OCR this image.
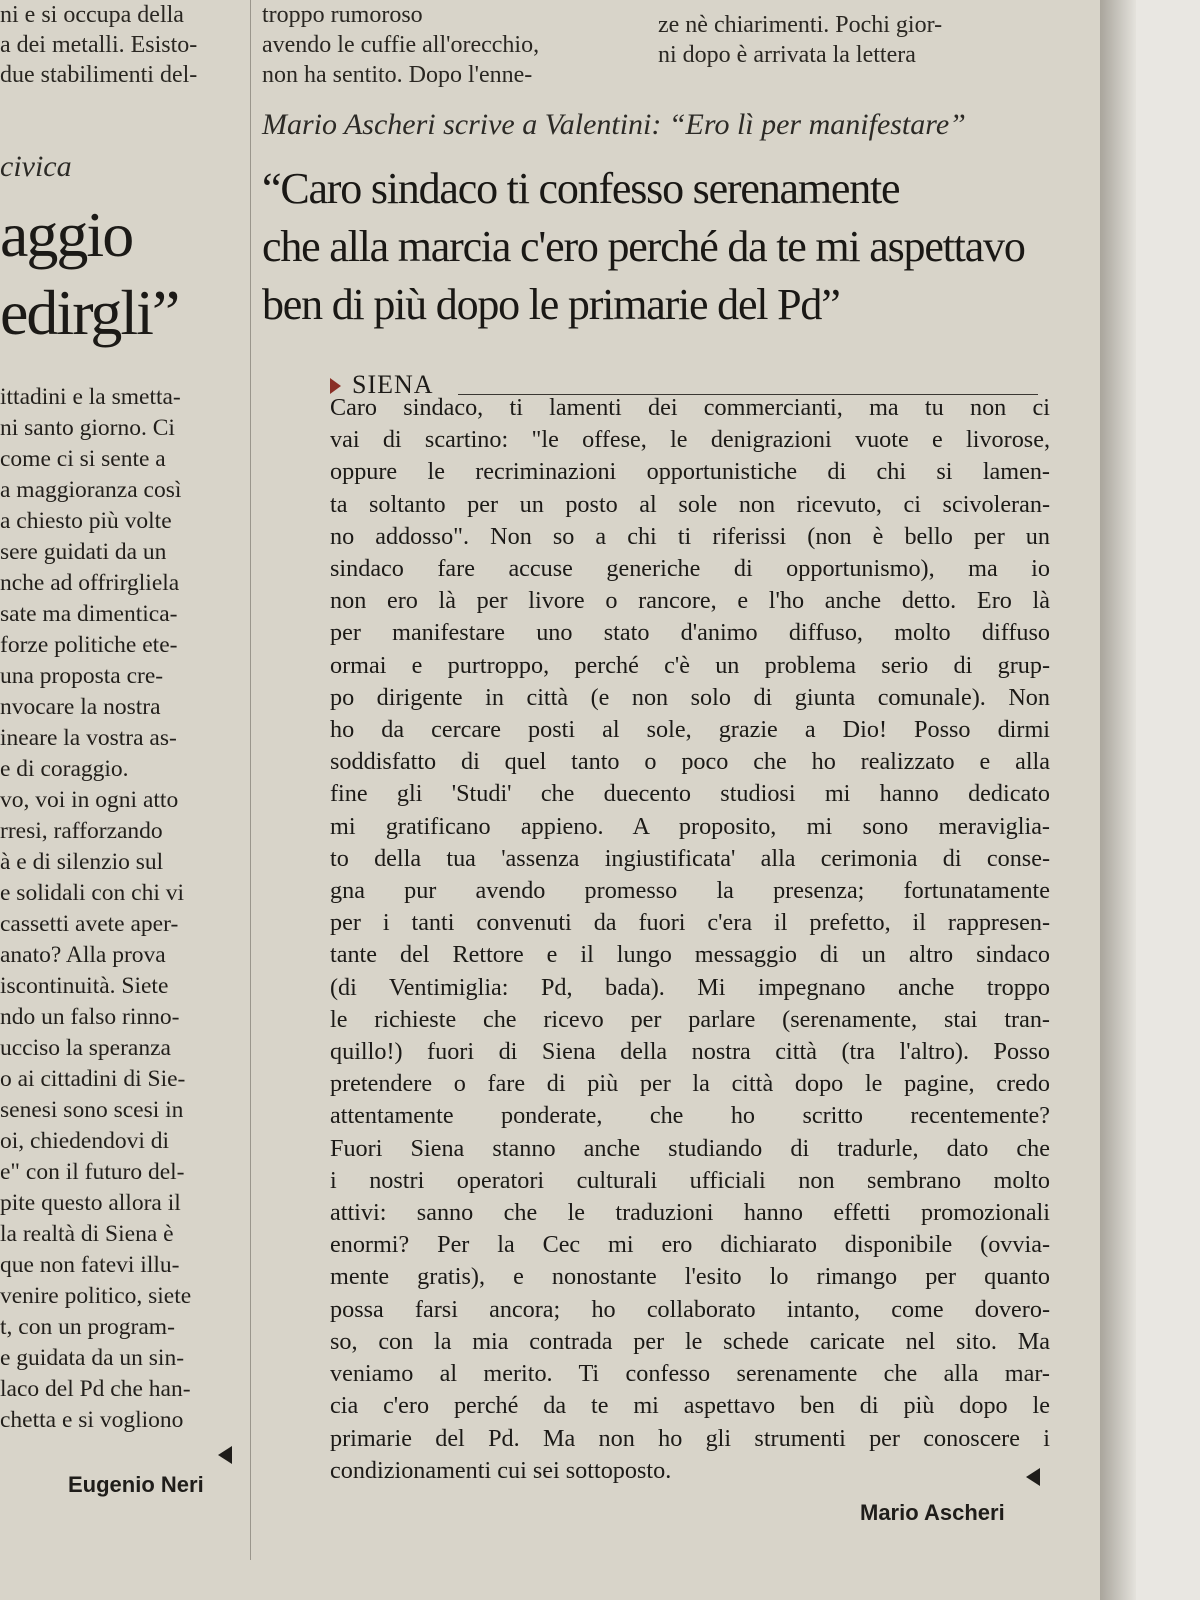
ni e si occupa della
a dei metalli. Esisto-
due stabilimenti del-
troppo rumoroso
avendo le cuffie all'orecchio,
non ha sentito. Dopo l'enne-
ze nè chiarimenti. Pochi gior-
ni dopo è arrivata la lettera
civica
aggio
edirgli”
ittadini e la smetta-
ni santo giorno. Ci
come ci si sente a
a maggioranza così
a chiesto più volte
sere guidati da un
nche ad offrirgliela
sate ma dimentica-
forze politiche ete-
una proposta cre-
nvocare la nostra
ineare la vostra as-
e di coraggio.
vo, voi in ogni atto
rresi, rafforzando
à e di silenzio sul
e solidali con chi vi
cassetti avete aper-
anato? Alla prova
iscontinuità. Siete
ndo un falso rinno-
ucciso la speranza
o ai cittadini di Sie-
senesi sono scesi in
oi, chiedendovi di
e" con il futuro del-
pite questo allora il
la realtà di Siena è
que non fatevi illu-
venire politico, siete
t, con un program-
e guidata da un sin-
laco del Pd che han-
chetta e si vogliono
Eugenio Neri
Mario Ascheri scrive a Valentini: “Ero lì per manifestare”
“Caro sindaco ti confesso serenamente
che alla marcia c'ero perché da te mi aspettavo
ben di più dopo le primarie del Pd”
SIENA
Caro sindaco, ti lamenti dei commercianti, ma tu non ci
vai di scartino: "le offese, le denigrazioni vuote e livorose,
oppure le recriminazioni opportunistiche di chi si lamen-
ta soltanto per un posto al sole non ricevuto, ci scivoleran-
no addosso". Non so a chi ti riferissi (non è bello per un
sindaco fare accuse generiche di opportunismo), ma io
non ero là per livore o rancore, e l'ho anche detto. Ero là
per manifestare uno stato d'animo diffuso, molto diffuso
ormai e purtroppo, perché c'è un problema serio di grup-
po dirigente in città (e non solo di giunta comunale). Non
ho da cercare posti al sole, grazie a Dio! Posso dirmi
soddisfatto di quel tanto o poco che ho realizzato e alla
fine gli 'Studi' che duecento studiosi mi hanno dedicato
mi gratificano appieno. A proposito, mi sono meraviglia-
to della tua 'assenza ingiustificata' alla cerimonia di conse-
gna pur avendo promesso la presenza; fortunatamente
per i tanti convenuti da fuori c'era il prefetto, il rappresen-
tante del Rettore e il lungo messaggio di un altro sindaco
(di Ventimiglia: Pd, bada). Mi impegnano anche troppo
le richieste che ricevo per parlare (serenamente, stai tran-
quillo!) fuori di Siena della nostra città (tra l'altro). Posso
pretendere o fare di più per la città dopo le pagine, credo
attentamente ponderate, che ho scritto recentemente?
Fuori Siena stanno anche studiando di tradurle, dato che
i nostri operatori culturali ufficiali non sembrano molto
attivi: sanno che le traduzioni hanno effetti promozionali
enormi? Per la Cec mi ero dichiarato disponibile (ovvia-
mente gratis), e nonostante l'esito lo rimango per quanto
possa farsi ancora; ho collaborato intanto, come dovero-
so, con la mia contrada per le schede caricate nel sito. Ma
veniamo al merito. Ti confesso serenamente che alla mar-
cia c'ero perché da te mi aspettavo ben di più dopo le
primarie del Pd. Ma non ho gli strumenti per conoscere i
condizionamenti cui sei sottoposto.
Mario Ascheri
